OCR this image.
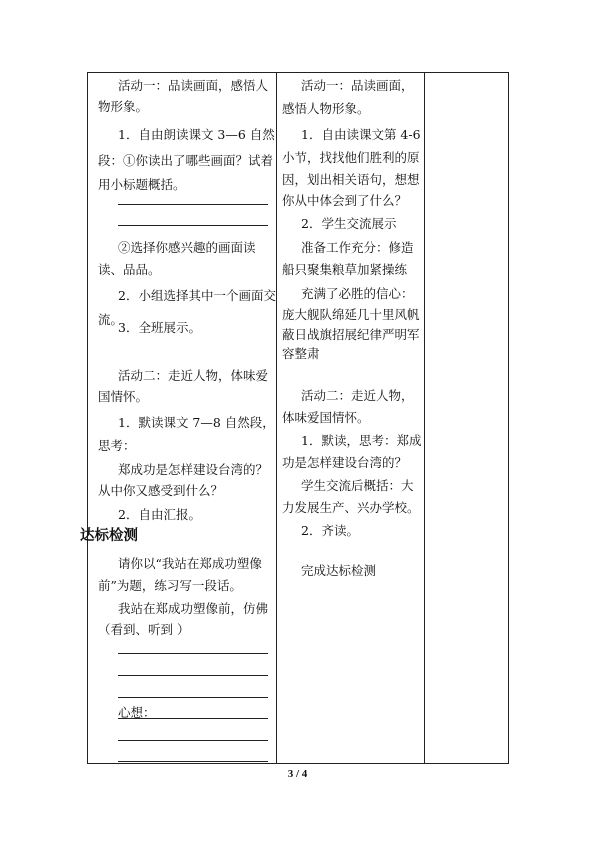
活动一：品读画面，感悟人

物形象。

1．自由朗读课文 3—6 自然

段：①你读出了哪些画面？试着

用小标题概括。

②选择你感兴趣的画面读

读、品品。

2．小组选择其中一个画面交

流。

3．全班展示。

活动二：走近人物，体味爱

国情怀。

1．默读课文 7—8 自然段，

思考：

郑成功是怎样建设台湾的？

从中你又感受到什么？

2．自由汇报。

达标检测

请你以“我站在郑成功塑像

前”为题，练习写一段话。

我站在郑成功塑像前，仿佛

（看到、听到 ）

心想：

活动一：品读画面，

感悟人物形象。

1．自由读课文第 4-6

小节，找找他们胜利的原

因，划出相关语句，想想

你从中体会到了什么？

2．学生交流展示

准备工作充分：修造

船只聚集粮草加紧操练

充满了必胜的信心：

庞大舰队绵延几十里风帆

蔽日战旗招展纪律严明军

容整肃

活动二：走近人物，

体味爱国情怀。

1．默读，思考：郑成

功是怎样建设台湾的？

学生交流后概括：大

力发展生产、兴办学校。

2．齐读。

完成达标检测

3 / 4
